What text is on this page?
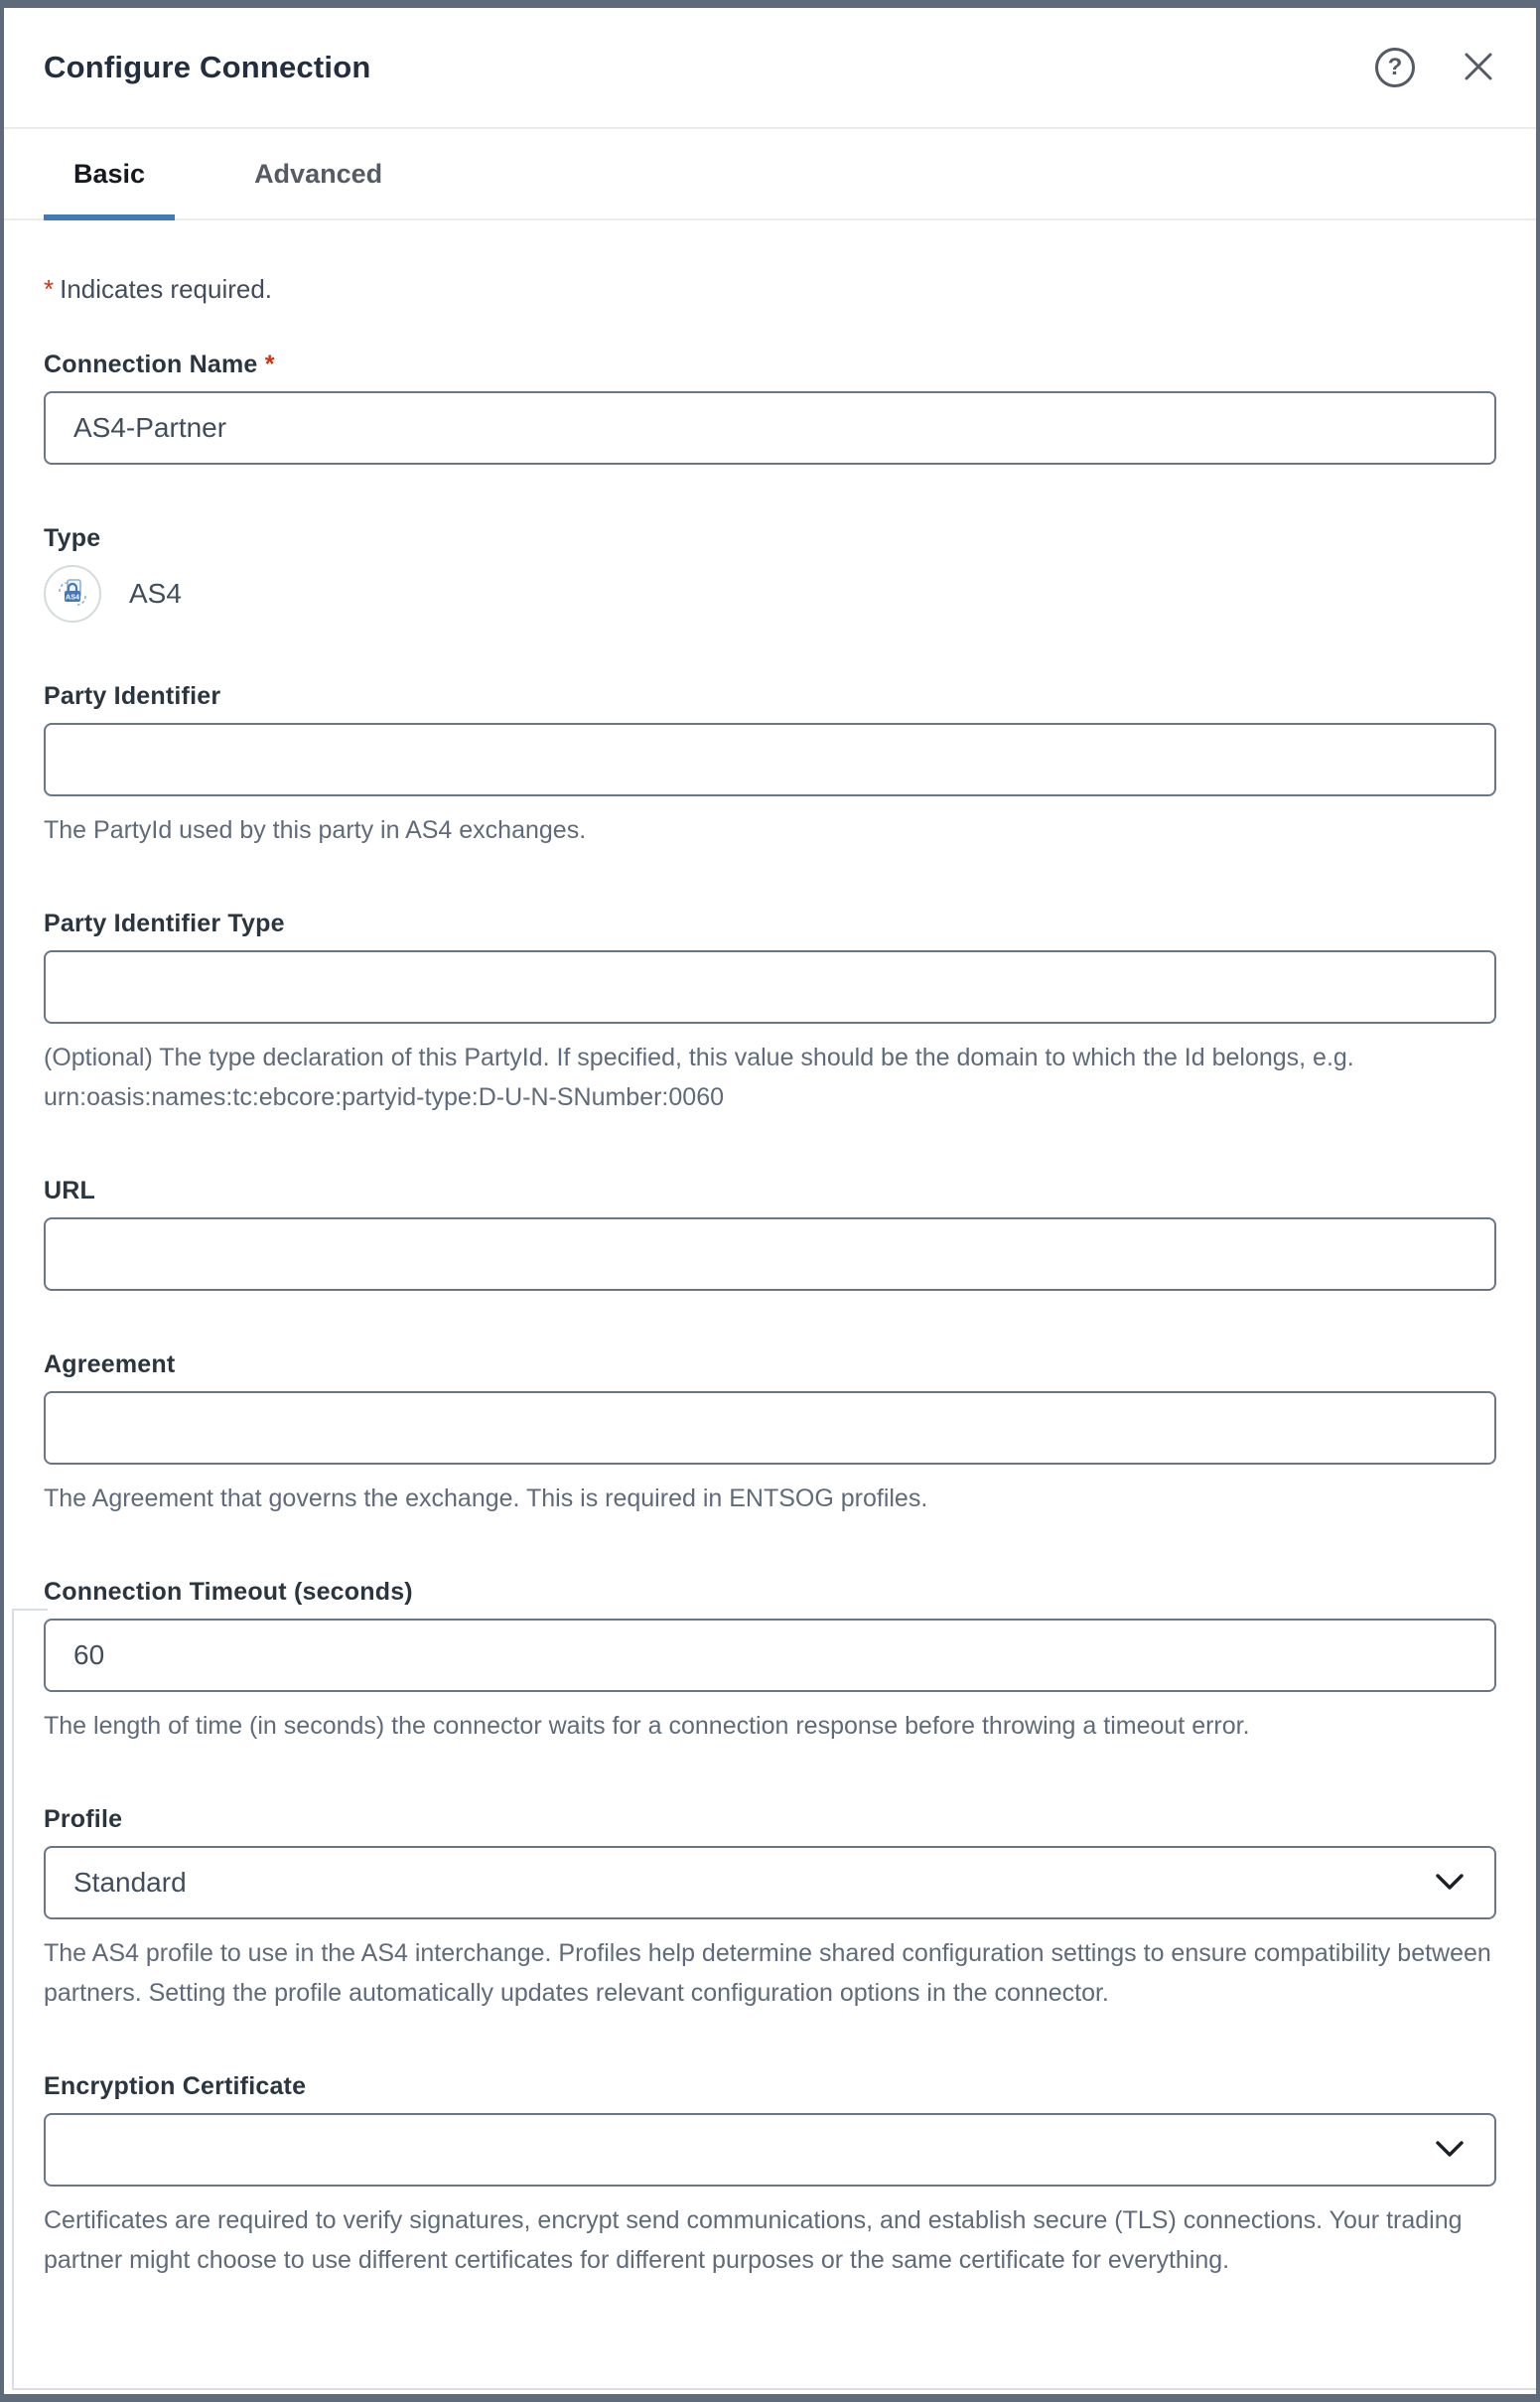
Configure Connection	?
Basic	Advanced

* Indicates required.

Connection Name *
AS4-Partner
Type
AS4 AS4
Party Identifier

The PartyId used by this party in AS4 exchanges.

Party Identifier Type

(Optional) The type declaration of this PartyId. If specified, this value should be the domain to which the Id belongs, e.g. urn:oasis:names:tc:ebcore:partyid-type:D-U-N-SNumber:0060

URL
Agreement

The Agreement that governs the exchange. This is required in ENTSOG profiles.

Connection Timeout (seconds)
60

The length of time (in seconds) the connector waits for a connection response before throwing a timeout error.

Profile
Standard

The AS4 profile to use in the AS4 interchange. Profiles help determine shared configuration settings to ensure compatibility between partners. Setting the profile automatically updates relevant configuration options in the connector.

Encryption Certificate

Certificates are required to verify signatures, encrypt send communications, and establish secure (TLS) connections. Your trading partner might choose to use different certificates for different purposes or the same certificate for everything.
